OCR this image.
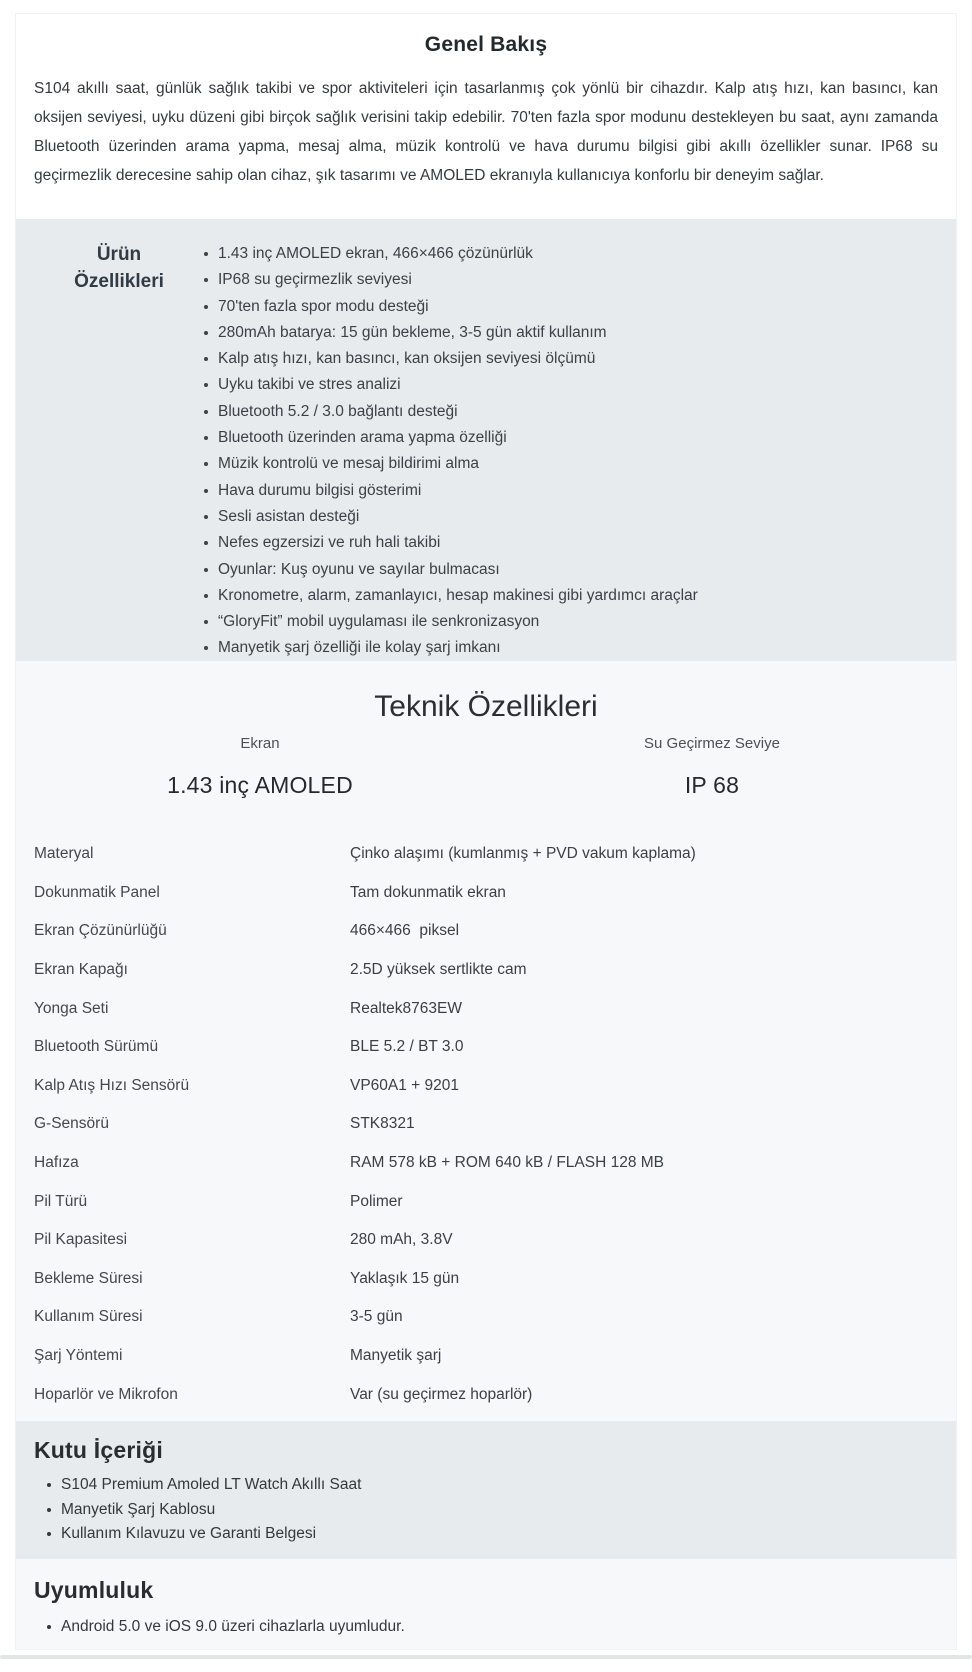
Genel Bakış

S104 akıllı saat, günlük sağlık takibi ve spor aktiviteleri için tasarlanmış çok yönlü bir cihazdır. Kalp atış hızı, kan basıncı, kan oksijen seviyesi, uyku düzeni gibi birçok sağlık verisini takip edebilir. 70'ten fazla spor modunu destekleyen bu saat, aynı zamanda Bluetooth üzerinden arama yapma, mesaj alma, müzik kontrolü ve hava durumu bilgisi gibi akıllı özellikler sunar. IP68 su geçirmezlik derecesine sahip olan cihaz, şık tasarımı ve AMOLED ekranıyla kullanıcıya konforlu bir deneyim sağlar.

Ürün Özellikleri
1.43 inç AMOLED ekran, 466×466 çözünürlük
IP68 su geçirmezlik seviyesi
70'ten fazla spor modu desteği
280mAh batarya: 15 gün bekleme, 3-5 gün aktif kullanım
Kalp atış hızı, kan basıncı, kan oksijen seviyesi ölçümü
Uyku takibi ve stres analizi
Bluetooth 5.2 / 3.0 bağlantı desteği
Bluetooth üzerinden arama yapma özelliği
Müzik kontrolü ve mesaj bildirimi alma
Hava durumu bilgisi gösterimi
Sesli asistan desteği
Nefes egzersizi ve ruh hali takibi
Oyunlar: Kuş oyunu ve sayılar bulmacası
Kronometre, alarm, zamanlayıcı, hesap makinesi gibi yardımcı araçlar
“GloryFit” mobil uygulaması ile senkronizasyon
Manyetik şarj özelliği ile kolay şarj imkanı
Teknik Özellikleri
Ekran
1.43 inç AMOLED
Su Geçirmez Seviye
IP 68
Materyal	Çinko alaşımı (kumlanmış + PVD vakum kaplama)
Dokunmatik Panel	Tam dokunmatik ekran
Ekran Çözünürlüğü	466×466  piksel
Ekran Kapağı	2.5D yüksek sertlikte cam
Yonga Seti	Realtek8763EW
Bluetooth Sürümü	BLE 5.2 / BT 3.0
Kalp Atış Hızı Sensörü	VP60A1 + 9201
G-Sensörü	STK8321
Hafıza	RAM 578 kB + ROM 640 kB / FLASH 128 MB
Pil Türü	Polimer
Pil Kapasitesi	280 mAh, 3.8V
Bekleme Süresi	Yaklaşık 15 gün
Kullanım Süresi	3-5 gün
Şarj Yöntemi	Manyetik şarj
Hoparlör ve Mikrofon	Var (su geçirmez hoparlör)
Kutu İçeriği
S104 Premium Amoled LT Watch Akıllı Saat
Manyetik Şarj Kablosu
Kullanım Kılavuzu ve Garanti Belgesi
Uyumluluk
Android 5.0 ve iOS 9.0 üzeri cihazlarla uyumludur.
